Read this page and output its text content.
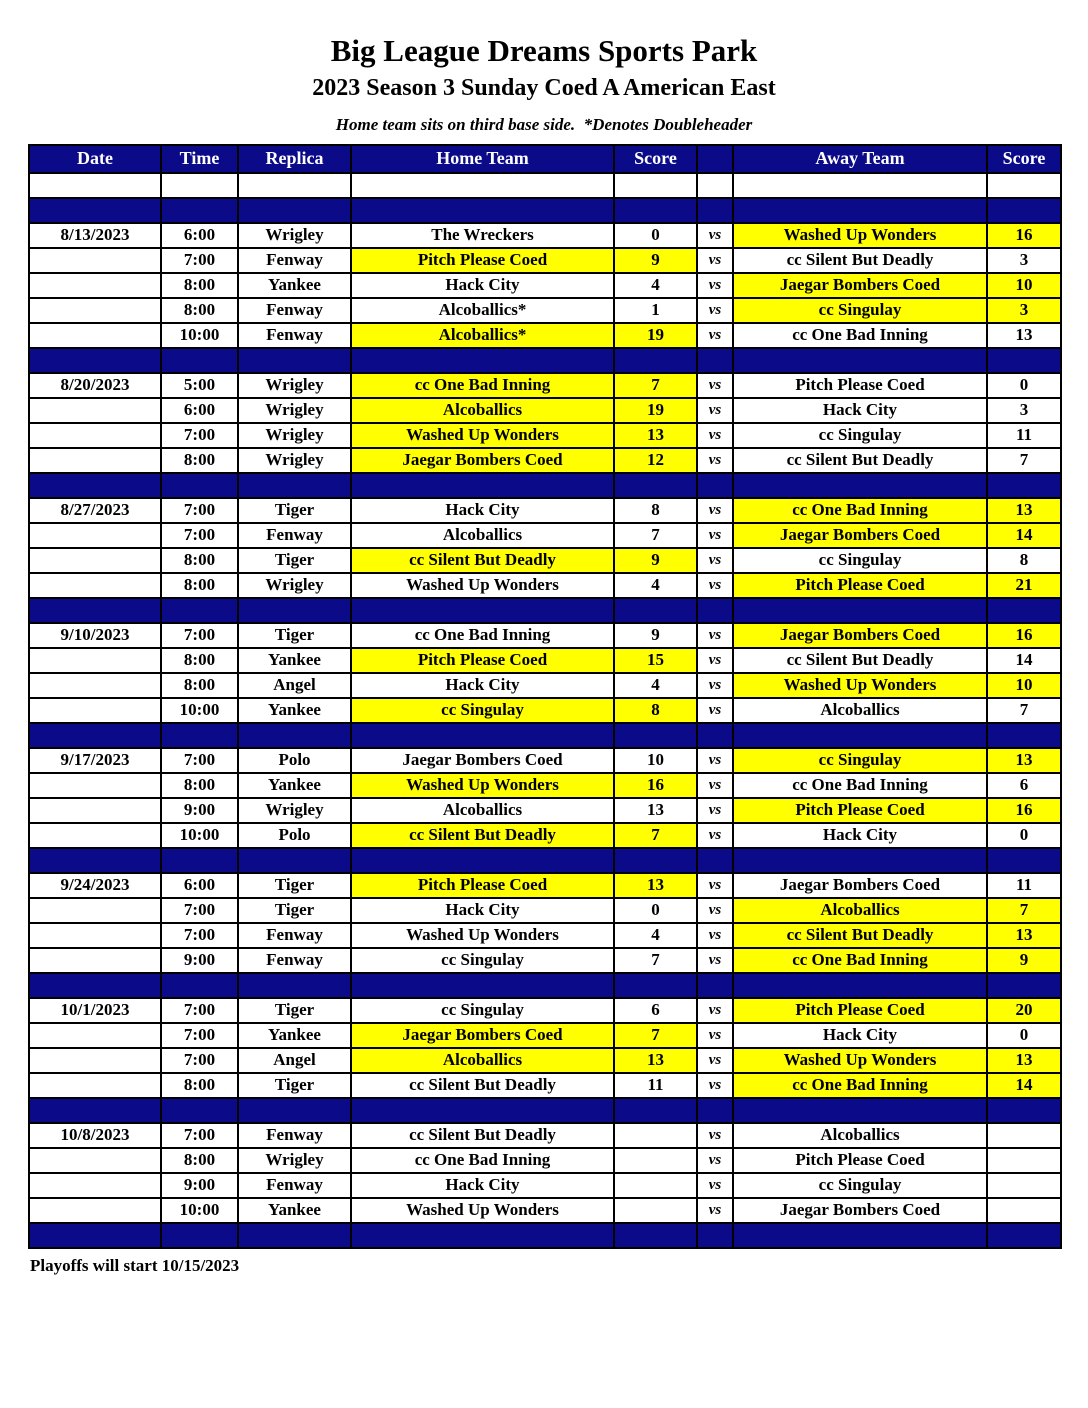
Big League Dreams Sports Park
2023 Season 3 Sunday Coed A American East
Home team sits on third base side.  *Denotes Doubleheader
Date	Time	Replica	Home Team	Score		Away Team	Score

8/13/2023	6:00	Wrigley	The Wreckers	0	vs	Washed Up Wonders	16
	7:00	Fenway	Pitch Please Coed	9	vs	cc Silent But Deadly	3
	8:00	Yankee	Hack City	4	vs	Jaegar Bombers Coed	10
	8:00	Fenway	Alcoballics*	1	vs	cc Singulay	3
	10:00	Fenway	Alcoballics*	19	vs	cc One Bad Inning	13

8/20/2023	5:00	Wrigley	cc One Bad Inning	7	vs	Pitch Please Coed	0
	6:00	Wrigley	Alcoballics	19	vs	Hack City	3
	7:00	Wrigley	Washed Up Wonders	13	vs	cc Singulay	11
	8:00	Wrigley	Jaegar Bombers Coed	12	vs	cc Silent But Deadly	7

8/27/2023	7:00	Tiger	Hack City	8	vs	cc One Bad Inning	13
	7:00	Fenway	Alcoballics	7	vs	Jaegar Bombers Coed	14
	8:00	Tiger	cc Silent But Deadly	9	vs	cc Singulay	8
	8:00	Wrigley	Washed Up Wonders	4	vs	Pitch Please Coed	21

9/10/2023	7:00	Tiger	cc One Bad Inning	9	vs	Jaegar Bombers Coed	16
	8:00	Yankee	Pitch Please Coed	15	vs	cc Silent But Deadly	14
	8:00	Angel	Hack City	4	vs	Washed Up Wonders	10
	10:00	Yankee	cc Singulay	8	vs	Alcoballics	7

9/17/2023	7:00	Polo	Jaegar Bombers Coed	10	vs	cc Singulay	13
	8:00	Yankee	Washed Up Wonders	16	vs	cc One Bad Inning	6
	9:00	Wrigley	Alcoballics	13	vs	Pitch Please Coed	16
	10:00	Polo	cc Silent But Deadly	7	vs	Hack City	0

9/24/2023	6:00	Tiger	Pitch Please Coed	13	vs	Jaegar Bombers Coed	11
	7:00	Tiger	Hack City	0	vs	Alcoballics	7
	7:00	Fenway	Washed Up Wonders	4	vs	cc Silent But Deadly	13
	9:00	Fenway	cc Singulay	7	vs	cc One Bad Inning	9

10/1/2023	7:00	Tiger	cc Singulay	6	vs	Pitch Please Coed	20
	7:00	Yankee	Jaegar Bombers Coed	7	vs	Hack City	0
	7:00	Angel	Alcoballics	13	vs	Washed Up Wonders	13
	8:00	Tiger	cc Silent But Deadly	11	vs	cc One Bad Inning	14

10/8/2023	7:00	Fenway	cc Silent But Deadly		vs	Alcoballics	
	8:00	Wrigley	cc One Bad Inning		vs	Pitch Please Coed	
	9:00	Fenway	Hack City		vs	cc Singulay	
	10:00	Yankee	Washed Up Wonders		vs	Jaegar Bombers Coed	

Playoffs will start 10/15/2023
